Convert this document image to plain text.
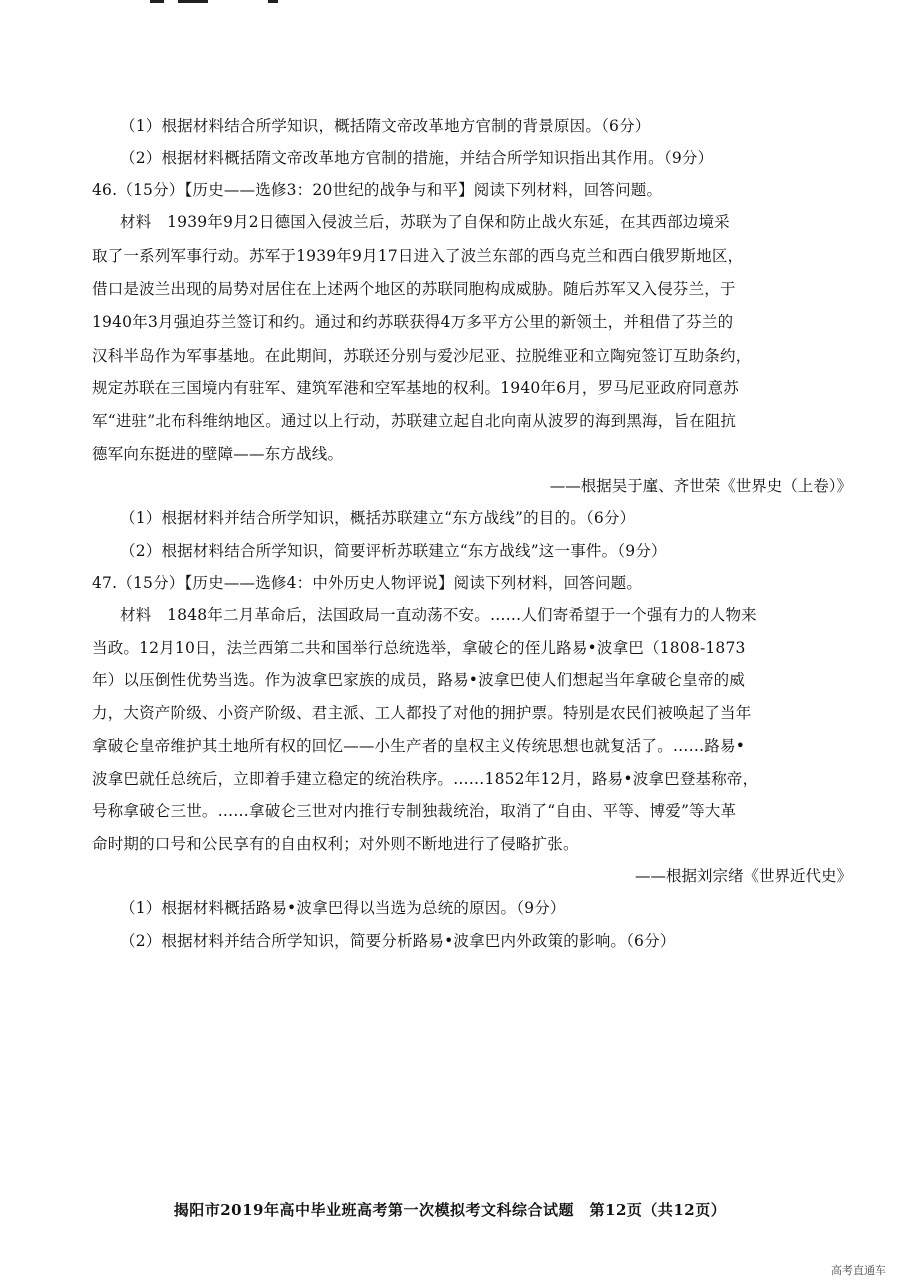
（1）根据材料结合所学知识，概括隋文帝改革地方官制的背景原因。（6分）
（2）根据材料概括隋文帝改革地方官制的措施，并结合所学知识指出其作用。（9分）
46.（15分）【历史——选修3：20世纪的战争与和平】阅读下列材料，回答问题。
材料　1939年9月2日德国入侵波兰后，苏联为了自保和防止战火东延，在其西部边境采
取了一系列军事行动。苏军于1939年9月17日进入了波兰东部的西乌克兰和西白俄罗斯地区，
借口是波兰出现的局势对居住在上述两个地区的苏联同胞构成威胁。随后苏军又入侵芬兰，于
1940年3月强迫芬兰签订和约。通过和约苏联获得4万多平方公里的新领土，并租借了芬兰的
汉科半岛作为军事基地。在此期间，苏联还分别与爱沙尼亚、拉脱维亚和立陶宛签订互助条约，
规定苏联在三国境内有驻军、建筑军港和空军基地的权利。1940年6月，罗马尼亚政府同意苏
军“进驻”北布科维纳地区。通过以上行动，苏联建立起自北向南从波罗的海到黑海，旨在阻抗
德军向东挺进的壁障——东方战线。
——根据吴于廑、齐世荣《世界史（上卷）》
（1）根据材料并结合所学知识，概括苏联建立“东方战线”的目的。（6分）
（2）根据材料结合所学知识，简要评析苏联建立“东方战线”这一事件。（9分）
47.（15分）【历史——选修4：中外历史人物评说】阅读下列材料，回答问题。
材料　1848年二月革命后，法国政局一直动荡不安。……人们寄希望于一个强有力的人物来
当政。12月10日，法兰西第二共和国举行总统选举，拿破仑的侄儿路易•波拿巴（1808-1873
年）以压倒性优势当选。作为波拿巴家族的成员，路易•波拿巴使人们想起当年拿破仑皇帝的威
力，大资产阶级、小资产阶级、君主派、工人都投了对他的拥护票。特别是农民们被唤起了当年
拿破仑皇帝维护其土地所有权的回忆——小生产者的皇权主义传统思想也就复活了。……路易•
波拿巴就任总统后，立即着手建立稳定的统治秩序。……1852年12月，路易•波拿巴登基称帝，
号称拿破仑三世。……拿破仑三世对内推行专制独裁统治，取消了“自由、平等、博爱”等大革
命时期的口号和公民享有的自由权利；对外则不断地进行了侵略扩张。
——根据刘宗绪《世界近代史》
（1）根据材料概括路易•波拿巴得以当选为总统的原因。（9分）
（2）根据材料并结合所学知识，简要分析路易•波拿巴内外政策的影响。（6分）
揭阳市2019年高中毕业班高考第一次模拟考文科综合试题　第12页（共12页）
高考直通车
